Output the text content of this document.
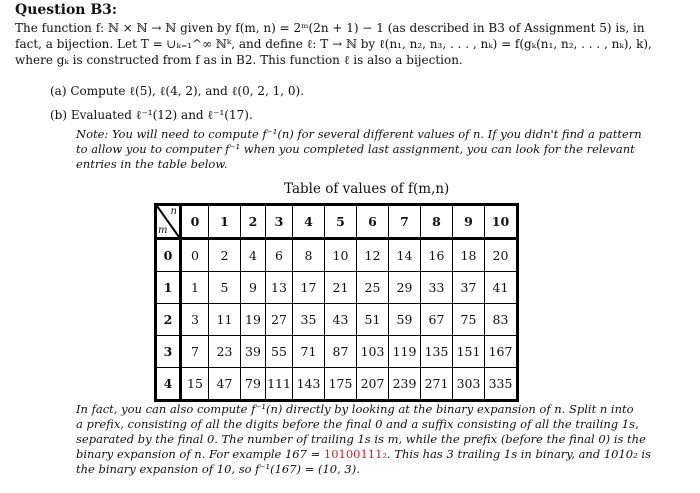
Question B3:
The function f: ℕ × ℕ → ℕ given by f(m, n) = 2ᵐ(2n + 1) − 1 (as described in B3 of Assignment 5) is, in
fact, a bijection. Let T = ∪ₖ₌₁^∞ ℕᵏ, and define ℓ: T → ℕ by ℓ(n₁, n₂, n₃, . . . , nₖ) = f(gₖ(n₁, n₂, . . . , nₖ), k),
where gₖ is constructed from f as in B2. This function ℓ is also a bijection.
(a) Compute ℓ(5), ℓ(4, 2), and ℓ(0, 2, 1, 0).
(b) Evaluated ℓ⁻¹(12) and ℓ⁻¹(17).
Note: You will need to compute f⁻¹(n) for several different values of n. If you didn't find a pattern
to allow you to computer f⁻¹ when you completed last assignment, you can look for the relevant
entries in the table below.
Table of values of f(m,n)
n
m	0	1	2	3	4	5	6	7	8	9	10
0	0	2	4	6	8	10	12	14	16	18	20
1	1	5	9	13	17	21	25	29	33	37	41
2	3	11	19	27	35	43	51	59	67	75	83
3	7	23	39	55	71	87	103	119	135	151	167
4	15	47	79	111	143	175	207	239	271	303	335
In fact, you can also compute f⁻¹(n) directly by looking at the binary expansion of n. Split n into
a prefix, consisting of all the digits before the final 0 and a suffix consisting of all the trailing 1s,
separated by the final 0. The number of trailing 1s is m, while the prefix (before the final 0) is the
binary expansion of n. For example 167 = 10100111₂. This has 3 trailing 1s in binary, and 1010₂ is
the binary expansion of 10, so f⁻¹(167) = (10, 3).
